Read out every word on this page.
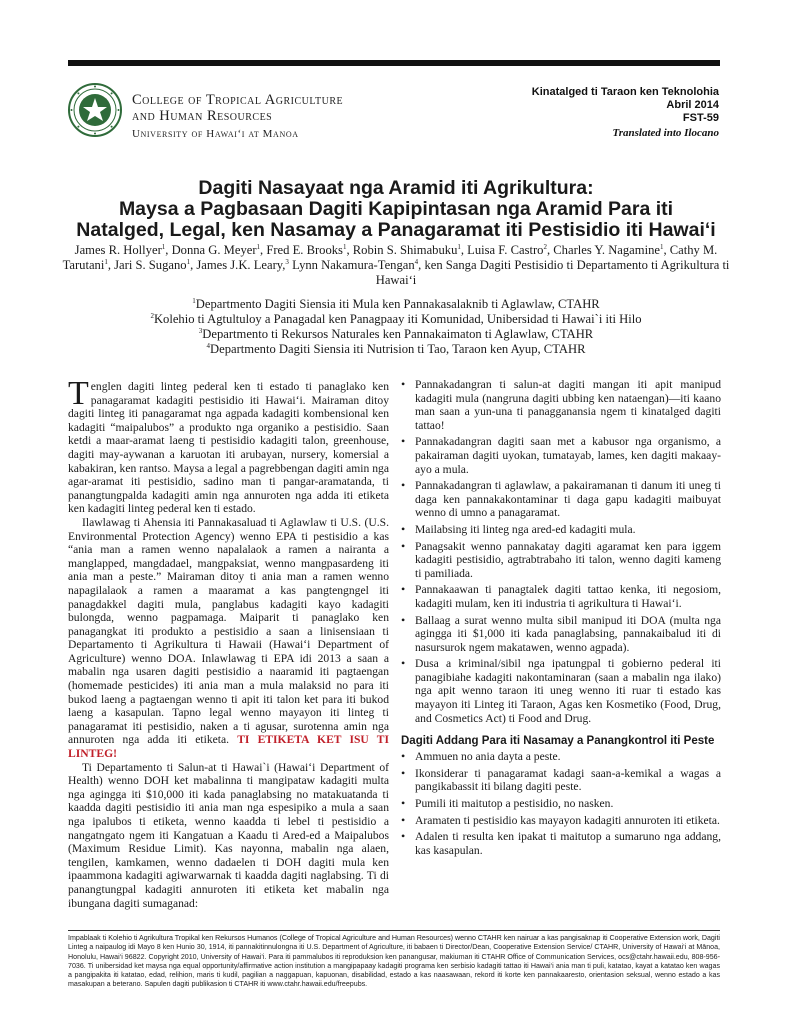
College of Tropical Agriculture
and Human Resources
University of Hawai‘i at Manoa
Kinatalged ti Taraon ken Teknolohia
Abril 2014
FST-59
Translated into Ilocano
Dagiti Nasayaat nga Aramid iti Agrikultura:
Maysa a Pagbasaan Dagiti Kapipintasan nga Aramid Para iti
Natalged, Legal, ken Nasamay a Panagaramat iti Pestisidio iti Hawai‘i
James R. Hollyer$^1$, Donna G. Meyer$^1$, Fred E. Brooks$^1$, Robin S. Shimabuku$^1$, Luisa F. Castro$^2$, Charles Y. Nagamine$^1$, Cathy M. Tarutani$^1$, Jari S. Sugano$^1$, James J.K. Leary,$^3$ Lynn Nakamura-Tengan$^4$, ken Sanga Dagiti Pestisidio ti Departamento ti Agrikultura ti Hawai‘i
$^1$Departmento Dagiti Siensia iti Mula ken Pannakasalaknib ti Aglawlaw, CTAHR
$^2$Kolehio ti Agtultuloy a Panagadal ken Panagpaay iti Komunidad, Unibersidad ti Hawai`i iti Hilo
$^3$Departmento ti Rekursos Naturales ken Pannakaimaton ti Aglawlaw, CTAHR
$^4$Departmento Dagiti Siensia iti Nutrision ti Tao, Taraon ken Ayup, CTAHR

Tenglen dagiti linteg pederal ken ti estado ti panaglako ken panagaramat kadagiti pestisidio iti Hawai‘i. Mairaman ditoy dagiti linteg iti panagaramat nga agpada kadagiti kombensional ken kadagiti “maipalubos” a produkto nga organiko a pestisidio. Saan ketdi a maar-aramat laeng ti pestisidio kadagiti talon, greenhouse, dagiti may-aywanan a karuotan iti arubayan, nursery, komersial a kabakiran, ken rantso. Maysa a legal a pagrebbengan dagiti amin nga agar-aramat iti pestisidio, sadino man ti pangar-aramatanda, ti panangtungpalda kadagiti amin nga annuroten nga adda iti etiketa ken kadagiti linteg pederal ken ti estado.

Ilawlawag ti Ahensia iti Pannakasaluad ti Aglawlaw ti U.S. (U.S. Environmental Protection Agency) wenno EPA ti pestisidio a kas “ania man a ramen wenno napalalaok a ramen a nairanta a manglapped, mangdadael, mangpaksiat, wenno mangpasardeng iti ania man a peste.” Mairaman ditoy ti ania man a ramen wenno napagilalaok a ramen a maaramat a kas pangtengngel iti panagdakkel dagiti mula, panglabus kadagiti kayo kadagiti bulongda, wenno pagpamaga. Maiparit ti panaglako ken panagangkat iti produkto a pestisidio a saan a linisensiaan ti Departamento ti Agrikultura ti Hawaii (Hawai‘i Department of Agriculture) wenno DOA. Inlawlawag ti EPA idi 2013 a saan a mabalin nga usaren dagiti pestisidio a naaramid iti pagtaengan (homemade pesticides) iti ania man a mula malaksid no para iti bukod laeng a pagtaengan wenno ti apit iti talon ket para iti bukod laeng a kasapulan. Tapno legal wenno mayayon iti linteg ti panagaramat iti pestisidio, naken a ti agusar, surotenna amin nga annuroten nga adda iti etiketa. TI ETIKETA KET ISU TI LINTEG!

Ti Departamento ti Salun-at ti Hawai`i (Hawai‘i Department of Health) wenno DOH ket mabalinna ti mangipataw kadagiti multa nga agingga iti $10,000 iti kada panaglabsing no matakuatanda ti kaadda dagiti pestisidio iti ania man nga espesipiko a mula a saan nga ipalubos ti etiketa, wenno kaadda ti lebel ti pestisidio a nangatngato ngem iti Kangatuan a Kaadu ti Ared-ed a Maipalubos (Maximum Residue Limit). Kas nayonna, mabalin nga alaen, tengilen, kamkamen, wenno dadaelen ti DOH dagiti mula ken ipaammona kadagiti agiwarwarnak ti kaadda dagiti naglabsing. Ti di panangtungpal kadagiti annuroten iti etiketa ket mabalin nga ibungana dagiti sumaganad:

• Pannakadangran ti salun-at dagiti mangan iti apit manipud kadagiti mula (nangruna dagiti ubbing ken nataengan)—iti kaano man saan a yun-una ti panagganansia ngem ti kinatalged dagiti tattao!
• Pannakadangran dagiti saan met a kabusor nga organismo, a pakairaman dagiti uyokan, tumatayab, lames, ken dagiti makaay-ayo a mula.
• Pannakadangran ti aglawlaw, a pakairamanan ti danum iti uneg ti daga ken pannakakontaminar ti daga gapu kadagiti maibuyat wenno di umno a panagaramat.
• Mailabsing iti linteg nga ared-ed kadagiti mula.
• Panagsakit wenno pannakatay dagiti agaramat ken para iggem kadagiti pestisidio, agtrabtrabaho iti talon, wenno dagiti kameng ti pamiliada.
• Pannakaawan ti panagtalek dagiti tattao kenka, iti negosiom, kadagiti mulam, ken iti industria ti agrikultura ti Hawai‘i.
• Ballaag a surat wenno multa sibil manipud iti DOA (multa nga agingga iti $1,000 iti kada panaglabsing, pannakaibalud iti di nasursurok ngem makatawen, wenno agpada).
• Dusa a kriminal/sibil nga ipatungpal ti gobierno pederal iti panagibiahe kadagiti nakontaminaran (saan a mabalin nga ilako) nga apit wenno taraon iti uneg wenno iti ruar ti estado kas mayayon iti Linteg iti Taraon, Agas ken Kosmetiko (Food, Drug, and Cosmetics Act) ti Food and Drug.
Dagiti Addang Para iti Nasamay a Panangkontrol iti Peste
• Ammuen no ania dayta a peste.
• Ikonsiderar ti panagaramat kadagi saan-a-kemikal a wagas a pangikabassit iti bilang dagiti peste.
• Pumili iti maitutop a pestisidio, no nasken.
• Aramaten ti pestisidio kas mayayon kadagiti annuroten iti etiketa.
• Adalen ti resulta ken ipakat ti maitutop a sumaruno nga addang, kas kasapulan.
Impablaak ti Kolehio ti Agrikultura Tropikal ken Rekursos Humanos (College of Tropical Agriculture and Human Resources) wenno CTAHR ken nairuar a kas pangisaknap iti Cooperative Extension work, Dagiti Linteg a naipaulog idi Mayo 8 ken Hunio 30, 1914, iti pannakitinnulongna iti U.S. Department of Agriculture, iti babaen ti Director/Dean, Cooperative Extension Service/ CTAHR, University of Hawai‘i at Mānoa, Honolulu, Hawai‘i 96822. Copyright 2010, University of Hawai‘i. Para iti pammalubos iti reproduksion ken panangusar, makiuman iti CTAHR Office of Communication Services, ocs@ctahr.hawaii.edu, 808-956-7036. Ti unibersidad ket maysa nga equal opportunity/affirmative action institution a mangipapaay kadagiti programa ken serbisio kadagiti tattao iti Hawai‘i ania man ti puli, katatao, kayat a katatao ken wagas a pangipakita iti katatao, edad, relihion, maris ti kudil, pagilian a naggapuan, kapuonan, disabilidad, estado a kas naasawaan, rekord iti korte ken pannakaaresto, orientasion seksual, wenno estado a kas masakupan a beterano. Sapulen dagiti publikasion ti CTAHR iti www.ctahr.hawaii.edu/freepubs.
